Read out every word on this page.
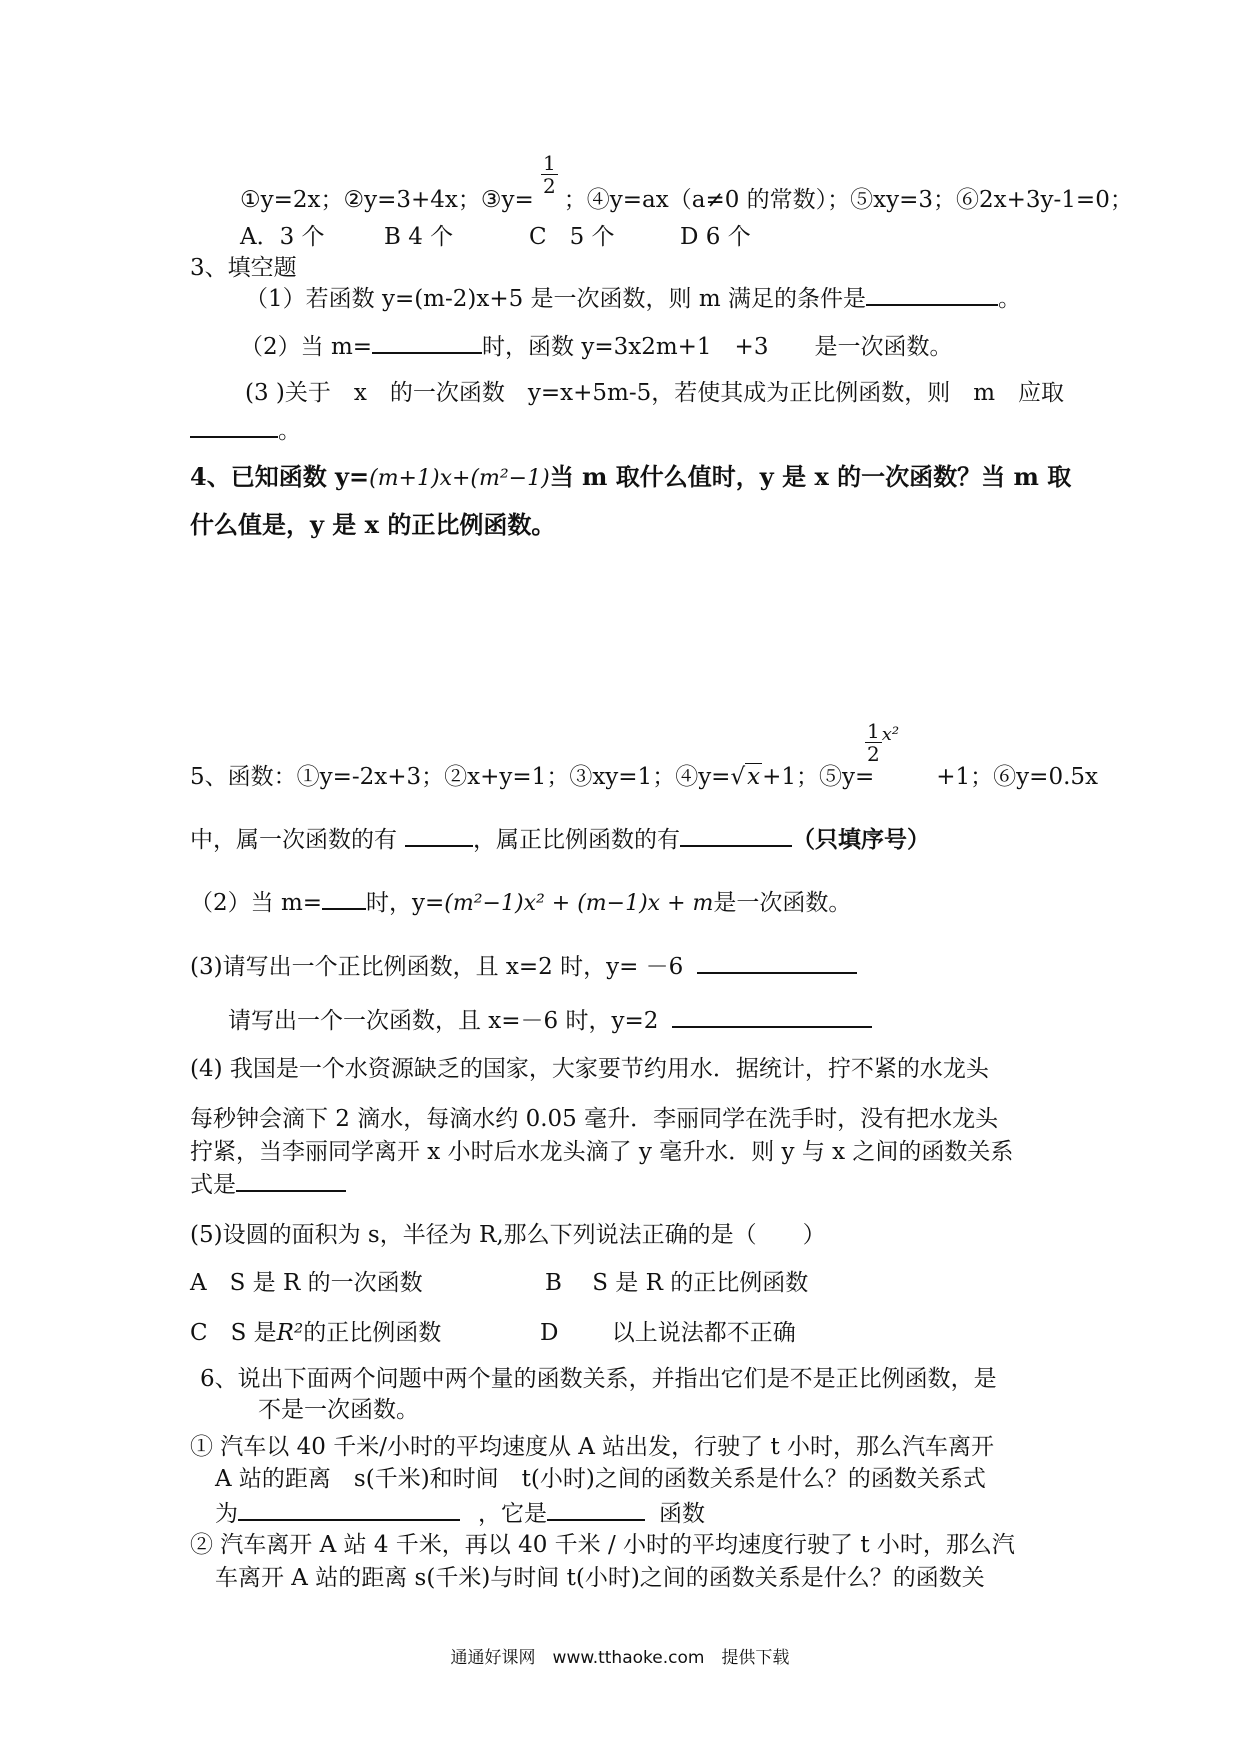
$\frac{1}{2}$
①y=2x；②y=3+4x；③y= ；④y=ax（a≠0 的常数）；⑤xy=3；⑥2x+3y-1=0；
A．3 个	B 4 个	C　5 个	D 6 个
3、填空题
（1）若函数 y=(m-2)x+5 是一次函数，则 m 满足的条件是	。
（2）当 m=	时，函数 y=3x2m+1　+3　　是一次函数。
(3 )关于　x　的一次函数　y=x+5m-5，若使其成为正比例函数，则　m　应取
。
4、已知函数 y=(m+1)x+(m²−1)当 m 取什么值时，y 是 x 的一次函数？当 m 取
什么值是，y 是 x 的正比例函数。
$\frac{1}{2} ^{x^2}$
5、函数：①y=-2x+3；②x+y=1；③xy=1；④y=√x+1；⑤y=	+1；⑥y=0.5x
中，属一次函数的有	，属正比例函数的有	（只填序号）
（2）当 m= 时，y=(m²−1)x² + (m−1)x + m是一次函数。
(3)请写出一个正比例函数，且 x=2 时，y= －6
请写出一个一次函数，且 x=－6 时，y=2
(4) 我国是一个水资源缺乏的国家，大家要节约用水．据统计，拧不紧的水龙头
每秒钟会滴下 2 滴水，每滴水约 0.05 毫升．李丽同学在洗手时，没有把水龙头
拧紧，当李丽同学离开 x 小时后水龙头滴了 y 毫升水．则 y 与 x 之间的函数关系
式是
(5)设圆的面积为 s，半径为 R,那么下列说法正确的是（　　）
A　S 是 R 的一次函数	B　 S 是 R 的正比例函数
C　S 是R²的正比例函数	D　　 以上说法都不正确
6、说出下面两个问题中两个量的函数关系，并指出它们是不是正比例函数，是
不是一次函数。
① 汽车以 40 千米/小时的平均速度从 A 站出发，行驶了 t 小时，那么汽车离开
A 站的距离　s(千米)和时间　t(小时)之间的函数关系是什么？的函数关系式
为	，它是	函数
② 汽车离开 A 站 4 千米，再以 40 千米 / 小时的平均速度行驶了 t 小时，那么汽
车离开 A 站的距离 s(千米)与时间 t(小时)之间的函数关系是什么？的函数关
通通好课网　www.tthaoke.com　提供下载
